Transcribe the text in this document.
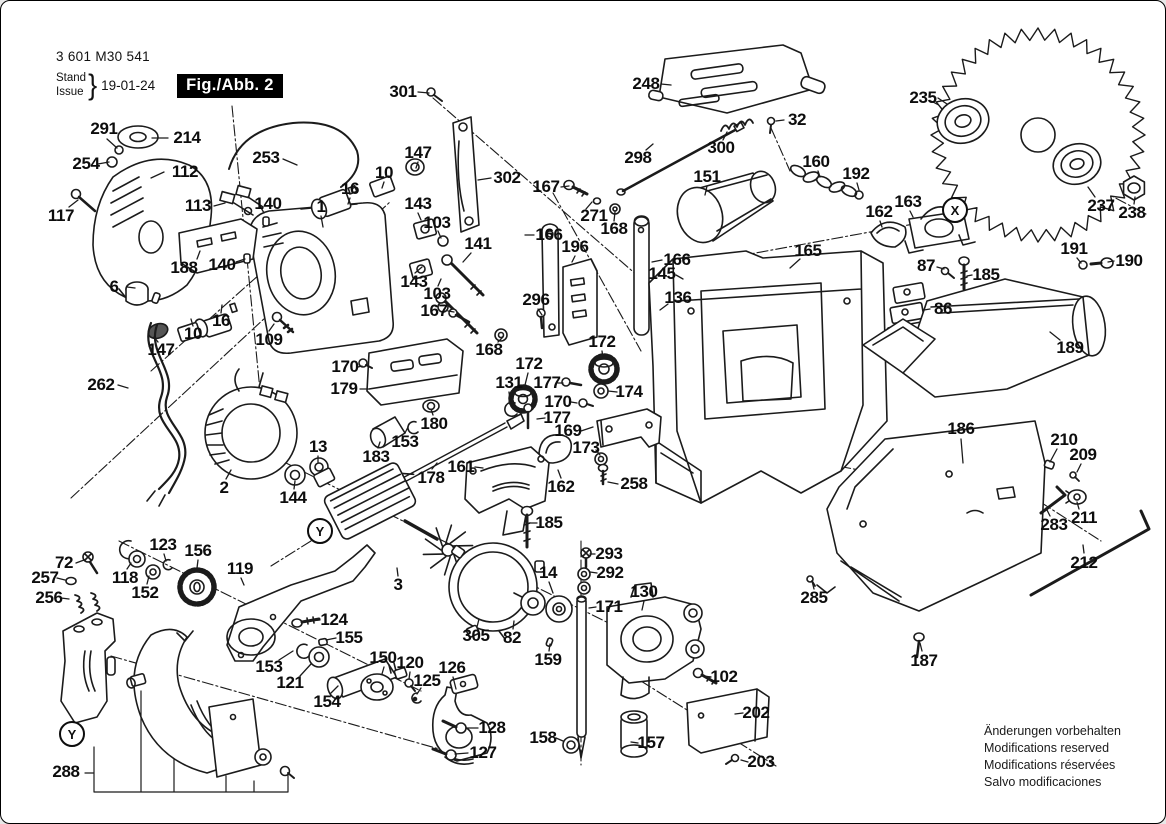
3 601 M30 541
Stand
Issue } 19-01-24	Fig./Abb. 2
291	214
254	112
117
113	140
188 140
1
6
16
10
147
109
262
253
301
147
10
16
302
143
103
141
143
103
167
167
271
168
168
166
196
296
166
145
136
165
248
298
300
32
151
160
192
162
163
235
237 238
191
190
87 185
86
189
186
210
209
283 211
212
285
187
170
179
172
172
131 177
170
177
169
173
174
180
153
183
178
161
162	258
185
2
13
144
72
257
256
118
123
152
156
119
3
124
155
150 120
125
126
305 82
14
159
153
121
154
128
127
288
293
292
130
171
102
202
158	157
203
X
Y
Y	Änderungen vorbehalten
Modifications reserved
Modifications réservées
Salvo modificaciones
